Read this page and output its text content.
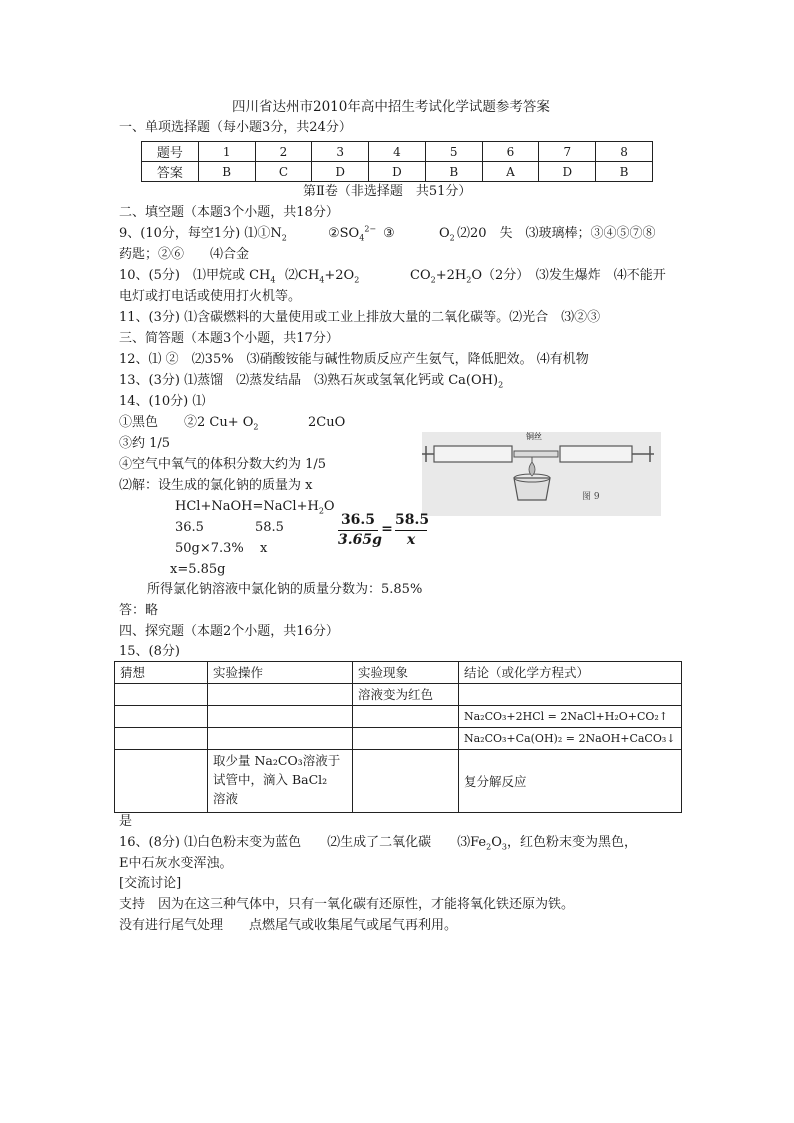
四川省达州市2010年高中招生考试化学试题参考答案
一、单项选择题（每小题3分，共24分）
题号	1	2	3	4	5	6	7	8
答案	B	C	D	D	B	A	D	B
第Ⅱ卷（非选择题　共51分）
二、填空题（本题3个小题，共18分）
9、(10分，每空1分) $⑴①N_2$	$②SO_4^{2-}$ ③	$O_2$ ⑵20　失　⑶玻璃棒；③④⑤⑦⑧
药匙；②⑥　　⑷合金
10、(5分)　⑴甲烷或 $CH_4$ $⑵CH_4+2O_2$	$CO_2+2H_2O(2$分）　⑶发生爆炸　⑷不能开
电灯或打电话或使用打火机等。
11、(3分) ⑴含碳燃料的大量使用或工业上排放大量的二氧化碳等。⑵光合　⑶②③
三、简答题（本题3个小题，共17分）
12、⑴ ②　⑵35%　⑶硝酸铵能与碱性物质反应产生氨气，降低肥效。 ⑷有机物
13、(3分) ⑴蒸馏　⑵蒸发结晶　⑶熟石灰或氢氧化钙或 $Ca(OH)_2$
14、(10分) ⑴
①黑色　　②2 $Cu+ O_2$	2CuO
③约 1/5
④空气中氧气的体积分数大约为 1/5
⑵解：设生成的氯化钠的质量为 x
铜丝
图 9
$HCl+NaOH=NaCl+H_2O$
36.5	58.5
50g×7.3% x
36.5
3.65g
=
58.5
x
x=5.85g
所得氯化钠溶液中氯化钠的质量分数为：5.85%
答：略
四、探究题（本题2个小题，共16分）
15、(8分)
猜想	实验操作	实验现象	结论（或化学方程式）
		溶液变为红色	
			Na₂CO₃+2HCl = 2NaCl+H₂O+CO₂↑
			Na₂CO₃+Ca(OH)₂ = 2NaOH+CaCO₃↓

	取少量 Na₂CO₃溶液于
试管中，滴入 BaCl₂
溶液		复分解反应
是
16、(8分) ⑴白色粉末变为蓝色　　⑵生成了二氧化碳　　$⑶Fe_2O_3$，红色粉末变为黑色，
E中石灰水变浑浊。
[交流讨论]
支持　因为在这三种气体中，只有一氧化碳有还原性，才能将氧化铁还原为铁。
没有进行尾气处理　　点燃尾气或收集尾气或尾气再利用。
